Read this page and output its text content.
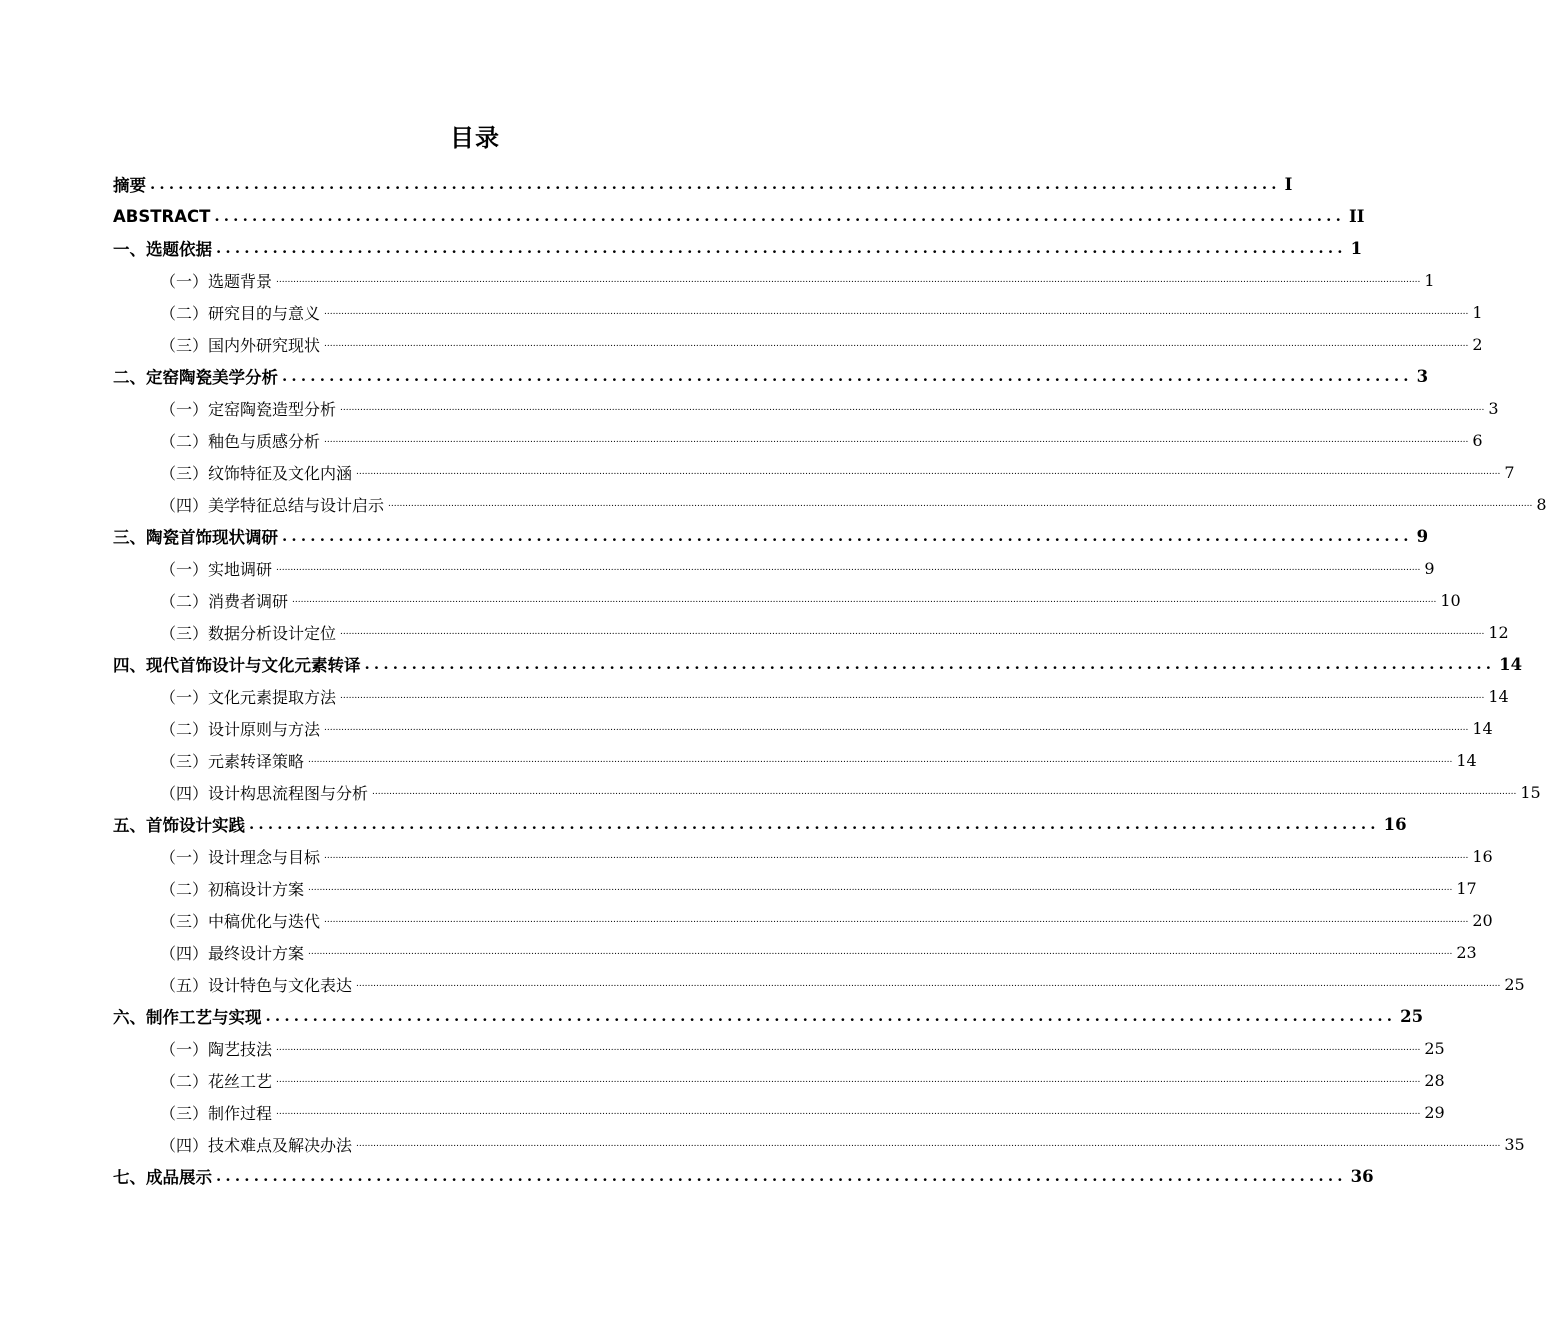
目录
摘要 ........................................................................................................................ I
ABSTRACT ........................................................................................................................ II
一、选题依据 ........................................................................................................................ 1
（一）选题背景 ................................................................................................................................................................................................................................................................................................................................................................................................................ 1
（二）研究目的与意义 ................................................................................................................................................................................................................................................................................................................................................................................................................ 1
（三）国内外研究现状 ................................................................................................................................................................................................................................................................................................................................................................................................................ 2
二、定窑陶瓷美学分析 ........................................................................................................................ 3
（一）定窑陶瓷造型分析 ................................................................................................................................................................................................................................................................................................................................................................................................................ 3
（二）釉色与质感分析 ................................................................................................................................................................................................................................................................................................................................................................................................................ 6
（三）纹饰特征及文化内涵 ................................................................................................................................................................................................................................................................................................................................................................................................................ 7
（四）美学特征总结与设计启示 ................................................................................................................................................................................................................................................................................................................................................................................................................ 8
三、陶瓷首饰现状调研 ........................................................................................................................ 9
（一）实地调研 ................................................................................................................................................................................................................................................................................................................................................................................................................ 9
（二）消费者调研 ................................................................................................................................................................................................................................................................................................................................................................................................................ 10
（三）数据分析设计定位 ................................................................................................................................................................................................................................................................................................................................................................................................................ 12
四、现代首饰设计与文化元素转译 ........................................................................................................................ 14
（一）文化元素提取方法 ................................................................................................................................................................................................................................................................................................................................................................................................................ 14
（二）设计原则与方法 ................................................................................................................................................................................................................................................................................................................................................................................................................ 14
（三）元素转译策略 ................................................................................................................................................................................................................................................................................................................................................................................................................ 14
（四）设计构思流程图与分析 ................................................................................................................................................................................................................................................................................................................................................................................................................ 15
五、首饰设计实践 ........................................................................................................................ 16
（一）设计理念与目标 ................................................................................................................................................................................................................................................................................................................................................................................................................ 16
（二）初稿设计方案 ................................................................................................................................................................................................................................................................................................................................................................................................................ 17
（三）中稿优化与迭代 ................................................................................................................................................................................................................................................................................................................................................................................................................ 20
（四）最终设计方案 ................................................................................................................................................................................................................................................................................................................................................................................................................ 23
（五）设计特色与文化表达 ................................................................................................................................................................................................................................................................................................................................................................................................................ 25
六、制作工艺与实现 ........................................................................................................................ 25
（一）陶艺技法 ................................................................................................................................................................................................................................................................................................................................................................................................................ 25
（二）花丝工艺 ................................................................................................................................................................................................................................................................................................................................................................................................................ 28
（三）制作过程 ................................................................................................................................................................................................................................................................................................................................................................................................................ 29
（四）技术难点及解决办法 ................................................................................................................................................................................................................................................................................................................................................................................................................ 35
七、成品展示 ........................................................................................................................ 36
